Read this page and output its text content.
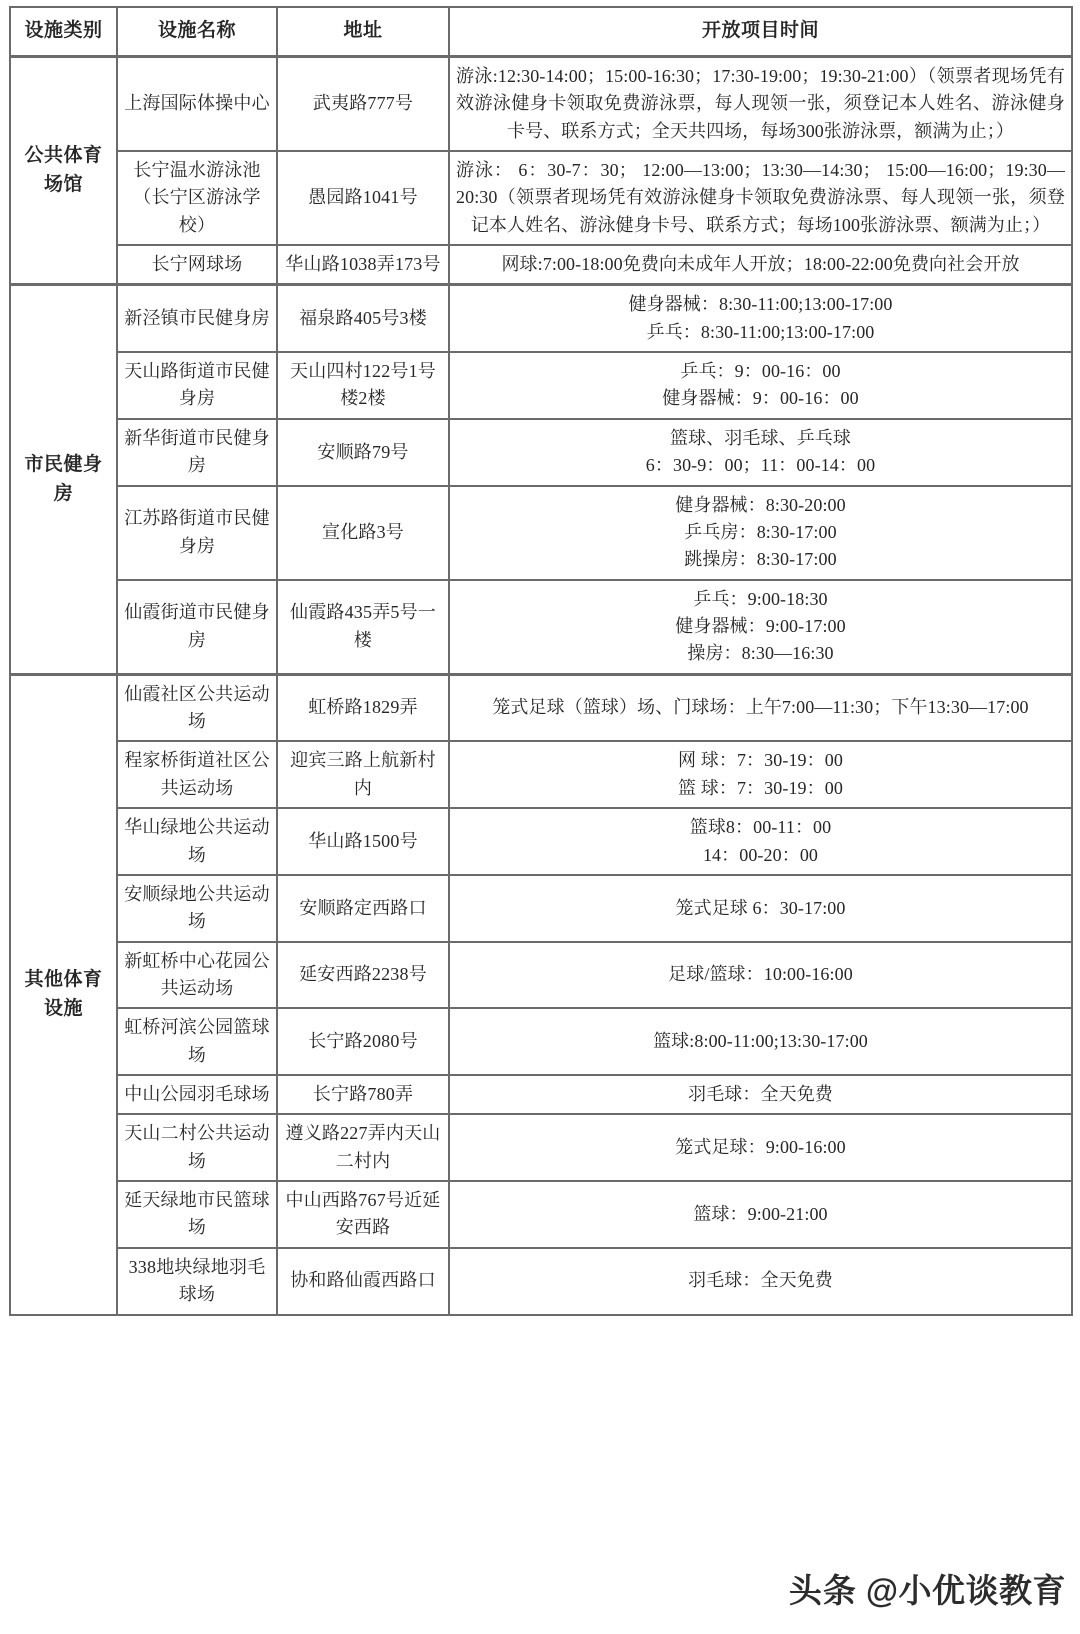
设施类别	设施名称	地址	开放项目时间
公共体育场馆	上海国际体操中心	武夷路777号	游泳:12:30-14:00；15:00-16:30；17:30-19:00；19:30-21:00）（领票者现场凭有效游泳健身卡领取免费游泳票，每人现领一张，须登记本人姓名、游泳健身卡号、联系方式；全天共四场，每场300张游泳票，额满为止；）
	长宁温水游泳池（长宁区游泳学校）	愚园路1041号	游泳： 6：30-7：30； 12:00—13:00；13:30—14:30； 15:00—16:00；19:30—20:30（领票者现场凭有效游泳健身卡领取免费游泳票、每人现领一张，须登记本人姓名、游泳健身卡号、联系方式；每场100张游泳票、额满为止；）
	长宁网球场	华山路1038弄173号	网球:7:00-18:00免费向未成年人开放；18:00-22:00免费向社会开放
市民健身房	新泾镇市民健身房	福泉路405号3楼	健身器械：8:30-11:00;13:00-17:00
乒乓：8:30-11:00;13:00-17:00

	天山路街道市民健身房	天山四村122号1号楼2楼	乒乓：9：00-16：00
健身器械：9：00-16：00

	新华街道市民健身房	安顺路79号	篮球、羽毛球、乒乓球
6：30-9：00；11：00-14：00

	江苏路街道市民健身房	宣化路3号	健身器械：8:30-20:00
乒乓房：8:30-17:00
跳操房：8:30-17:00

	仙霞街道市民健身房	仙霞路435弄5号一楼	乒乓：9:00-18:30
健身器械：9:00-17:00
操房：8:30—16:30

其他体育设施	仙霞社区公共运动场	虹桥路1829弄	笼式足球（篮球）场、门球场：上午7:00—11:30；下午13:30—17:00
	程家桥街道社区公共运动场	迎宾三路上航新村内	网 球：7：30-19：00
篮 球：7：30-19：00

	华山绿地公共运动场	华山路1500号	篮球8：00-11：00
14：00-20：00

	安顺绿地公共运动场	安顺路定西路口	笼式足球 6：30-17:00

	新虹桥中心花园公共运动场	延安西路2238号	足球/篮球：10:00-16:00

	虹桥河滨公园篮球场	长宁路2080号	篮球:8:00-11:00;13:30-17:00

	中山公园羽毛球场	长宁路780弄	羽毛球：全天免费

	天山二村公共运动场	遵义路227弄内天山二村内	笼式足球：9:00-16:00

	延天绿地市民篮球场	中山西路767号近延安西路	篮球：9:00-21:00

	338地块绿地羽毛球场	协和路仙霞西路口	羽毛球：全天免费
头条 @小优谈教育
